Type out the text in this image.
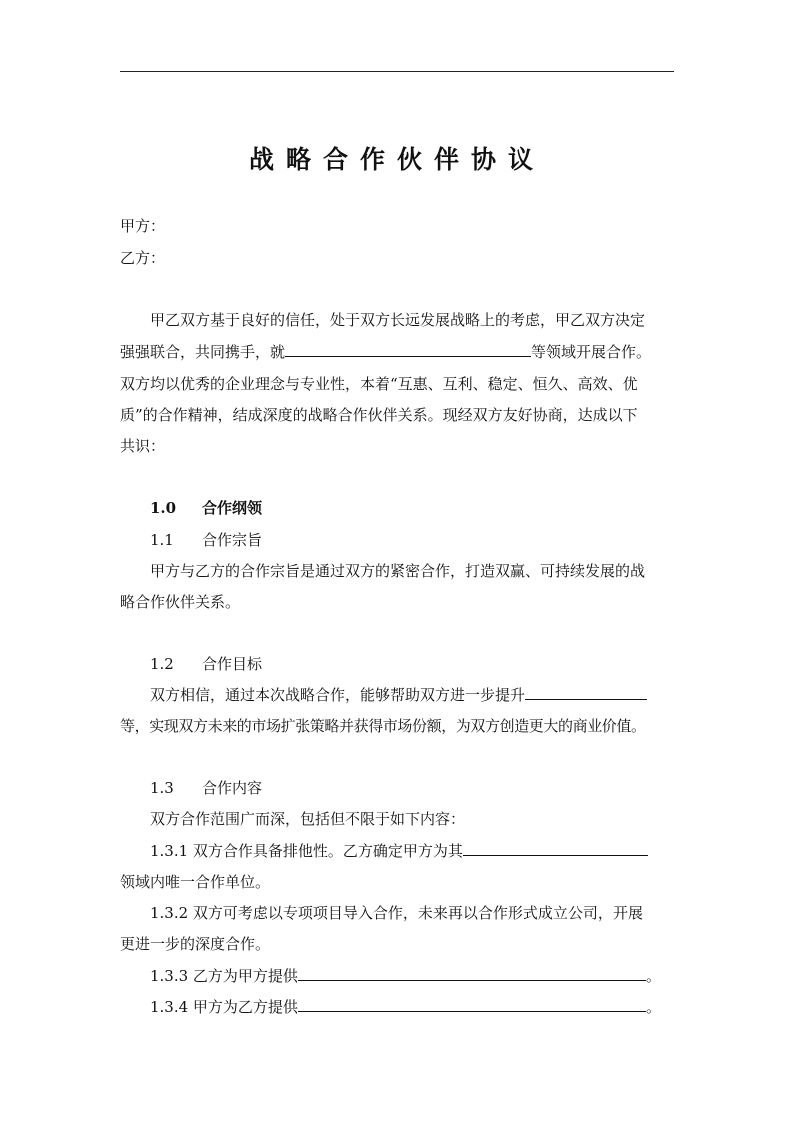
战略合作伙伴协议
甲方：
乙方：
甲乙双方基于良好的信任，处于双方长远发展战略上的考虑，甲乙双方决定
强强联合，共同携手，就	等领域开展合作。
双方均以优秀的企业理念与专业性，本着“互惠、互利、稳定、恒久、高效、优
质”的合作精神，结成深度的战略合作伙伴关系。现经双方友好协商，达成以下
共识：
1.0 合作纲领
1.1 合作宗旨
甲方与乙方的合作宗旨是通过双方的紧密合作，打造双赢、可持续发展的战
略合作伙伴关系。
1.2 合作目标
双方相信，通过本次战略合作，能够帮助双方进一步提升
等，实现双方未来的市场扩张策略并获得市场份额，为双方创造更大的商业价值。
1.3 合作内容
双方合作范围广而深，包括但不限于如下内容：
1.3.1 双方合作具备排他性。乙方确定甲方为其
领域内唯一合作单位。
1.3.2 双方可考虑以专项项目导入合作，未来再以合作形式成立公司，开展
更进一步的深度合作。
1.3.3 乙方为甲方提供	。
1.3.4 甲方为乙方提供	。
